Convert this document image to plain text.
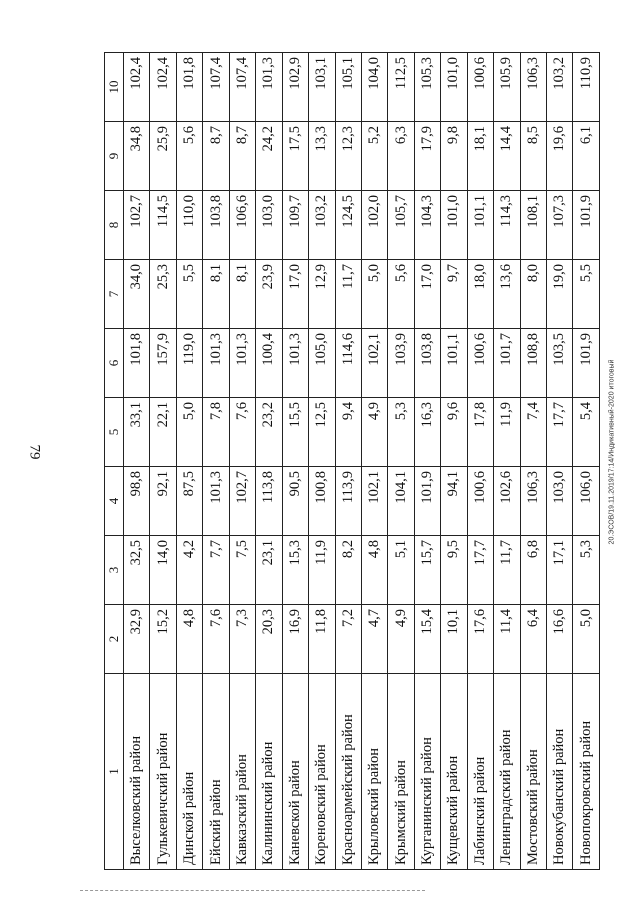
79
1	2	3	4	5	6	7	8	9	10
Выселковский район	32,9	32,5	98,8	33,1	101,8	34,0	102,7	34,8	102,4
Гулькевичский район	15,2	14,0	92,1	22,1	157,9	25,3	114,5	25,9	102,4
Динской район	4,8	4,2	87,5	5,0	119,0	5,5	110,0	5,6	101,8
Ейский район	7,6	7,7	101,3	7,8	101,3	8,1	103,8	8,7	107,4
Кавказский район	7,3	7,5	102,7	7,6	101,3	8,1	106,6	8,7	107,4
Калининский район	20,3	23,1	113,8	23,2	100,4	23,9	103,0	24,2	101,3
Каневской район	16,9	15,3	90,5	15,5	101,3	17,0	109,7	17,5	102,9
Кореновский район	11,8	11,9	100,8	12,5	105,0	12,9	103,2	13,3	103,1
Красноармейский район	7,2	8,2	113,9	9,4	114,6	11,7	124,5	12,3	105,1
Крыловский район	4,7	4,8	102,1	4,9	102,1	5,0	102,0	5,2	104,0
Крымский район	4,9	5,1	104,1	5,3	103,9	5,6	105,7	6,3	112,5
Курганинский район	15,4	15,7	101,9	16,3	103,8	17,0	104,3	17,9	105,3
Кущевский район	10,1	9,5	94,1	9,6	101,1	9,7	101,0	9,8	101,0
Лабинский район	17,6	17,7	100,6	17,8	100,6	18,0	101,1	18,1	100,6
Ленинградский район	11,4	11,7	102,6	11,9	101,7	13,6	114,3	14,4	105,9
Мостовский район	6,4	6,8	106,3	7,4	108,8	8,0	108,1	8,5	106,3
Новокубанский район	16,6	17,1	103,0	17,7	103,5	19,0	107,3	19,6	103,2
Новопокровский район	5,0	5,3	106,0	5,4	101,9	5,5	101,9	6,1	110,9
20.ЭСОВ/19.11.2019/17:14/Индикативный-2020 итоговый
